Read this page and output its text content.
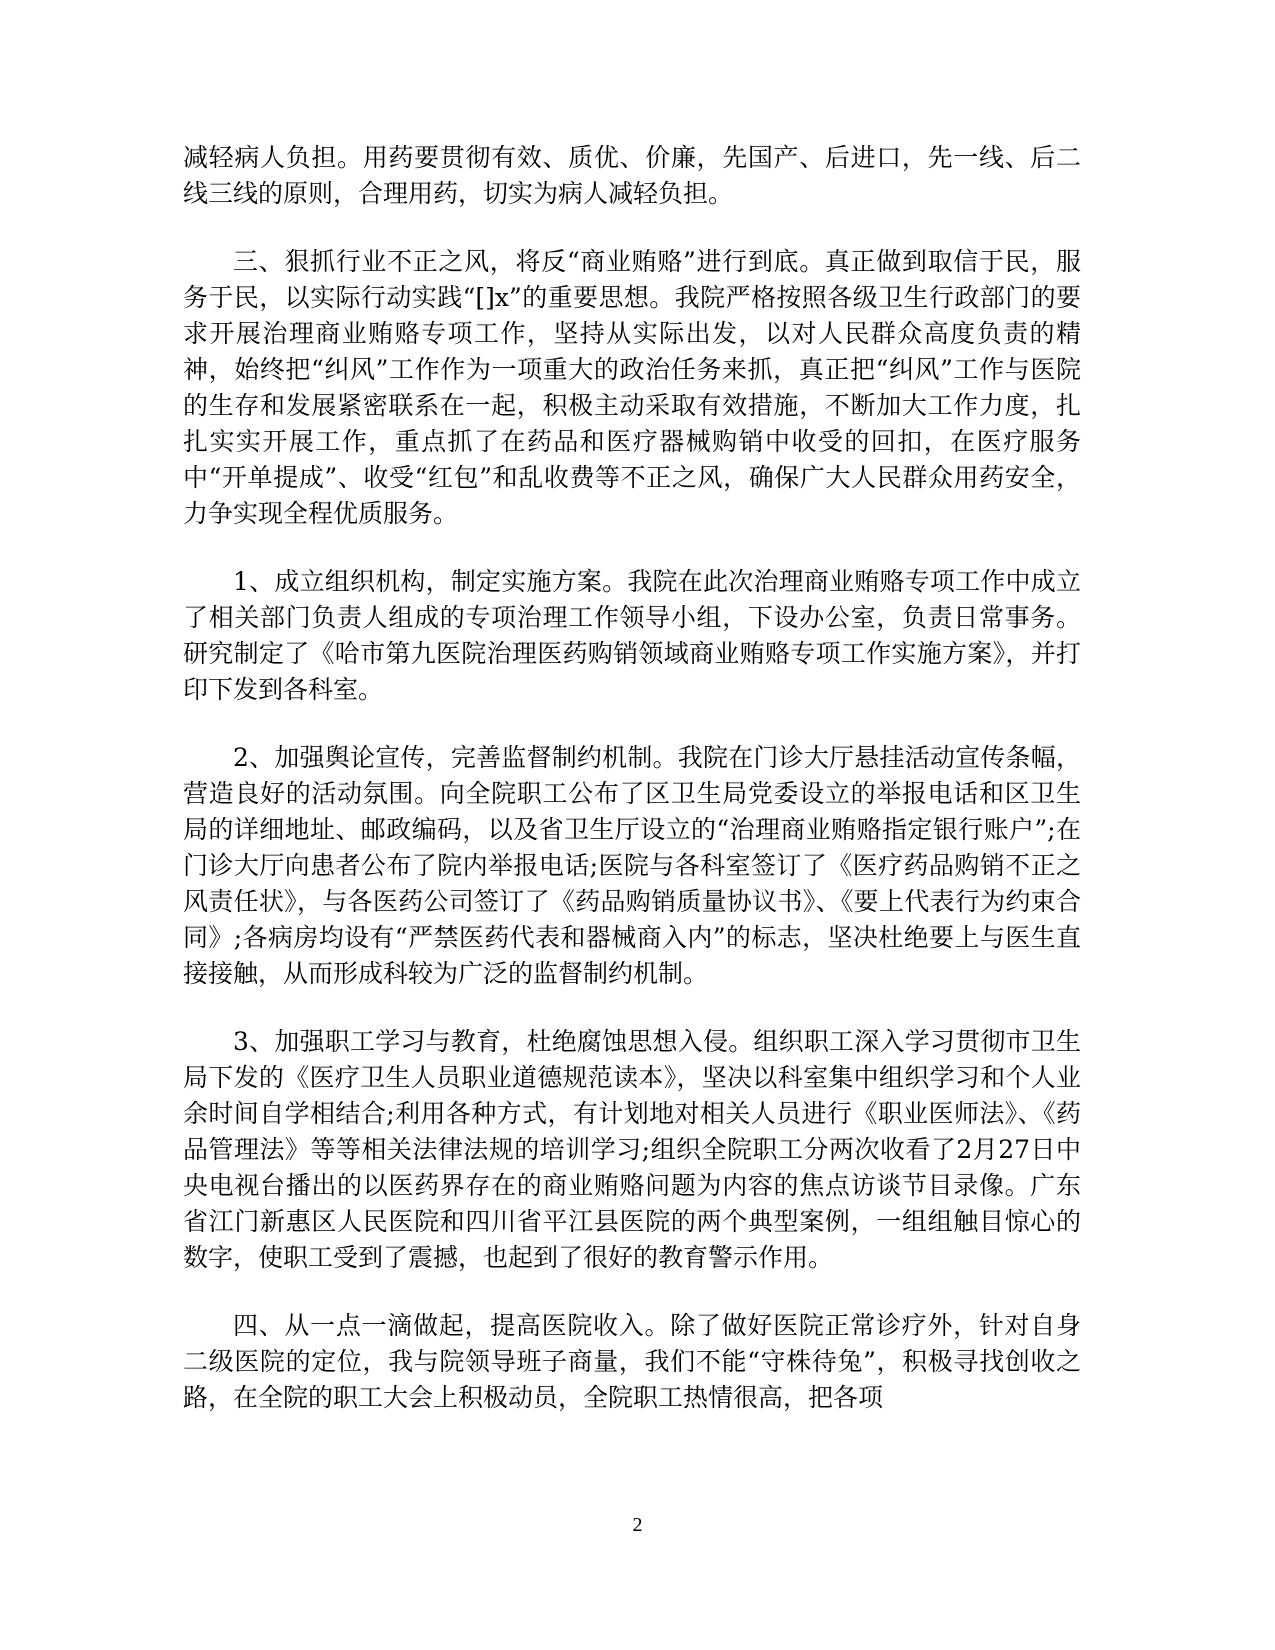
减轻病人负担。用药要贯彻有效、质优、价廉，先国产、后进口，先一线、后二线三线的原则，合理用药，切实为病人减轻负担。

三、狠抓行业不正之风，将反“商业贿赂”进行到底。真正做到取信于民，服务于民，以实际行动实践“[]x”的重要思想。我院严格按照各级卫生行政部门的要求开展治理商业贿赂专项工作，坚持从实际出发，以对人民群众高度负责的精神，始终把“纠风”工作作为一项重大的政治任务来抓，真正把“纠风”工作与医院的生存和发展紧密联系在一起，积极主动采取有效措施，不断加大工作力度，扎扎实实开展工作，重点抓了在药品和医疗器械购销中收受的回扣，在医疗服务中“开单提成”、收受“红包”和乱收费等不正之风，确保广大人民群众用药安全，力争实现全程优质服务。

1、成立组织机构，制定实施方案。我院在此次治理商业贿赂专项工作中成立了相关部门负责人组成的专项治理工作领导小组，下设办公室，负责日常事务。研究制定了《哈市第九医院治理医药购销领域商业贿赂专项工作实施方案》，并打印下发到各科室。

2、加强舆论宣传，完善监督制约机制。我院在门诊大厅悬挂活动宣传条幅，营造良好的活动氛围。向全院职工公布了区卫生局党委设立的举报电话和区卫生局的详细地址、邮政编码，以及省卫生厅设立的“治理商业贿赂指定银行账户”;在门诊大厅向患者公布了院内举报电话;医院与各科室签订了《医疗药品购销不正之风责任状》，与各医药公司签订了《药品购销质量协议书》、《要上代表行为约束合同》;各病房均设有“严禁医药代表和器械商入内”的标志，坚决杜绝要上与医生直接接触，从而形成科较为广泛的监督制约机制。

3、加强职工学习与教育，杜绝腐蚀思想入侵。组织职工深入学习贯彻市卫生局下发的《医疗卫生人员职业道德规范读本》，坚决以科室集中组织学习和个人业余时间自学相结合;利用各种方式，有计划地对相关人员进行《职业医师法》、《药品管理法》等等相关法律法规的培训学习;组织全院职工分两次收看了2月27日中央电视台播出的以医药界存在的商业贿赂问题为内容的焦点访谈节目录像。广东省江门新惠区人民医院和四川省平江县医院的两个典型案例，一组组触目惊心的数字，使职工受到了震撼，也起到了很好的教育警示作用。

四、从一点一滴做起，提高医院收入。除了做好医院正常诊疗外，针对自身二级医院的定位，我与院领导班子商量，我们不能“守株待兔”，积极寻找创收之路，在全院的职工大会上积极动员，全院职工热情很高，把各项

2
